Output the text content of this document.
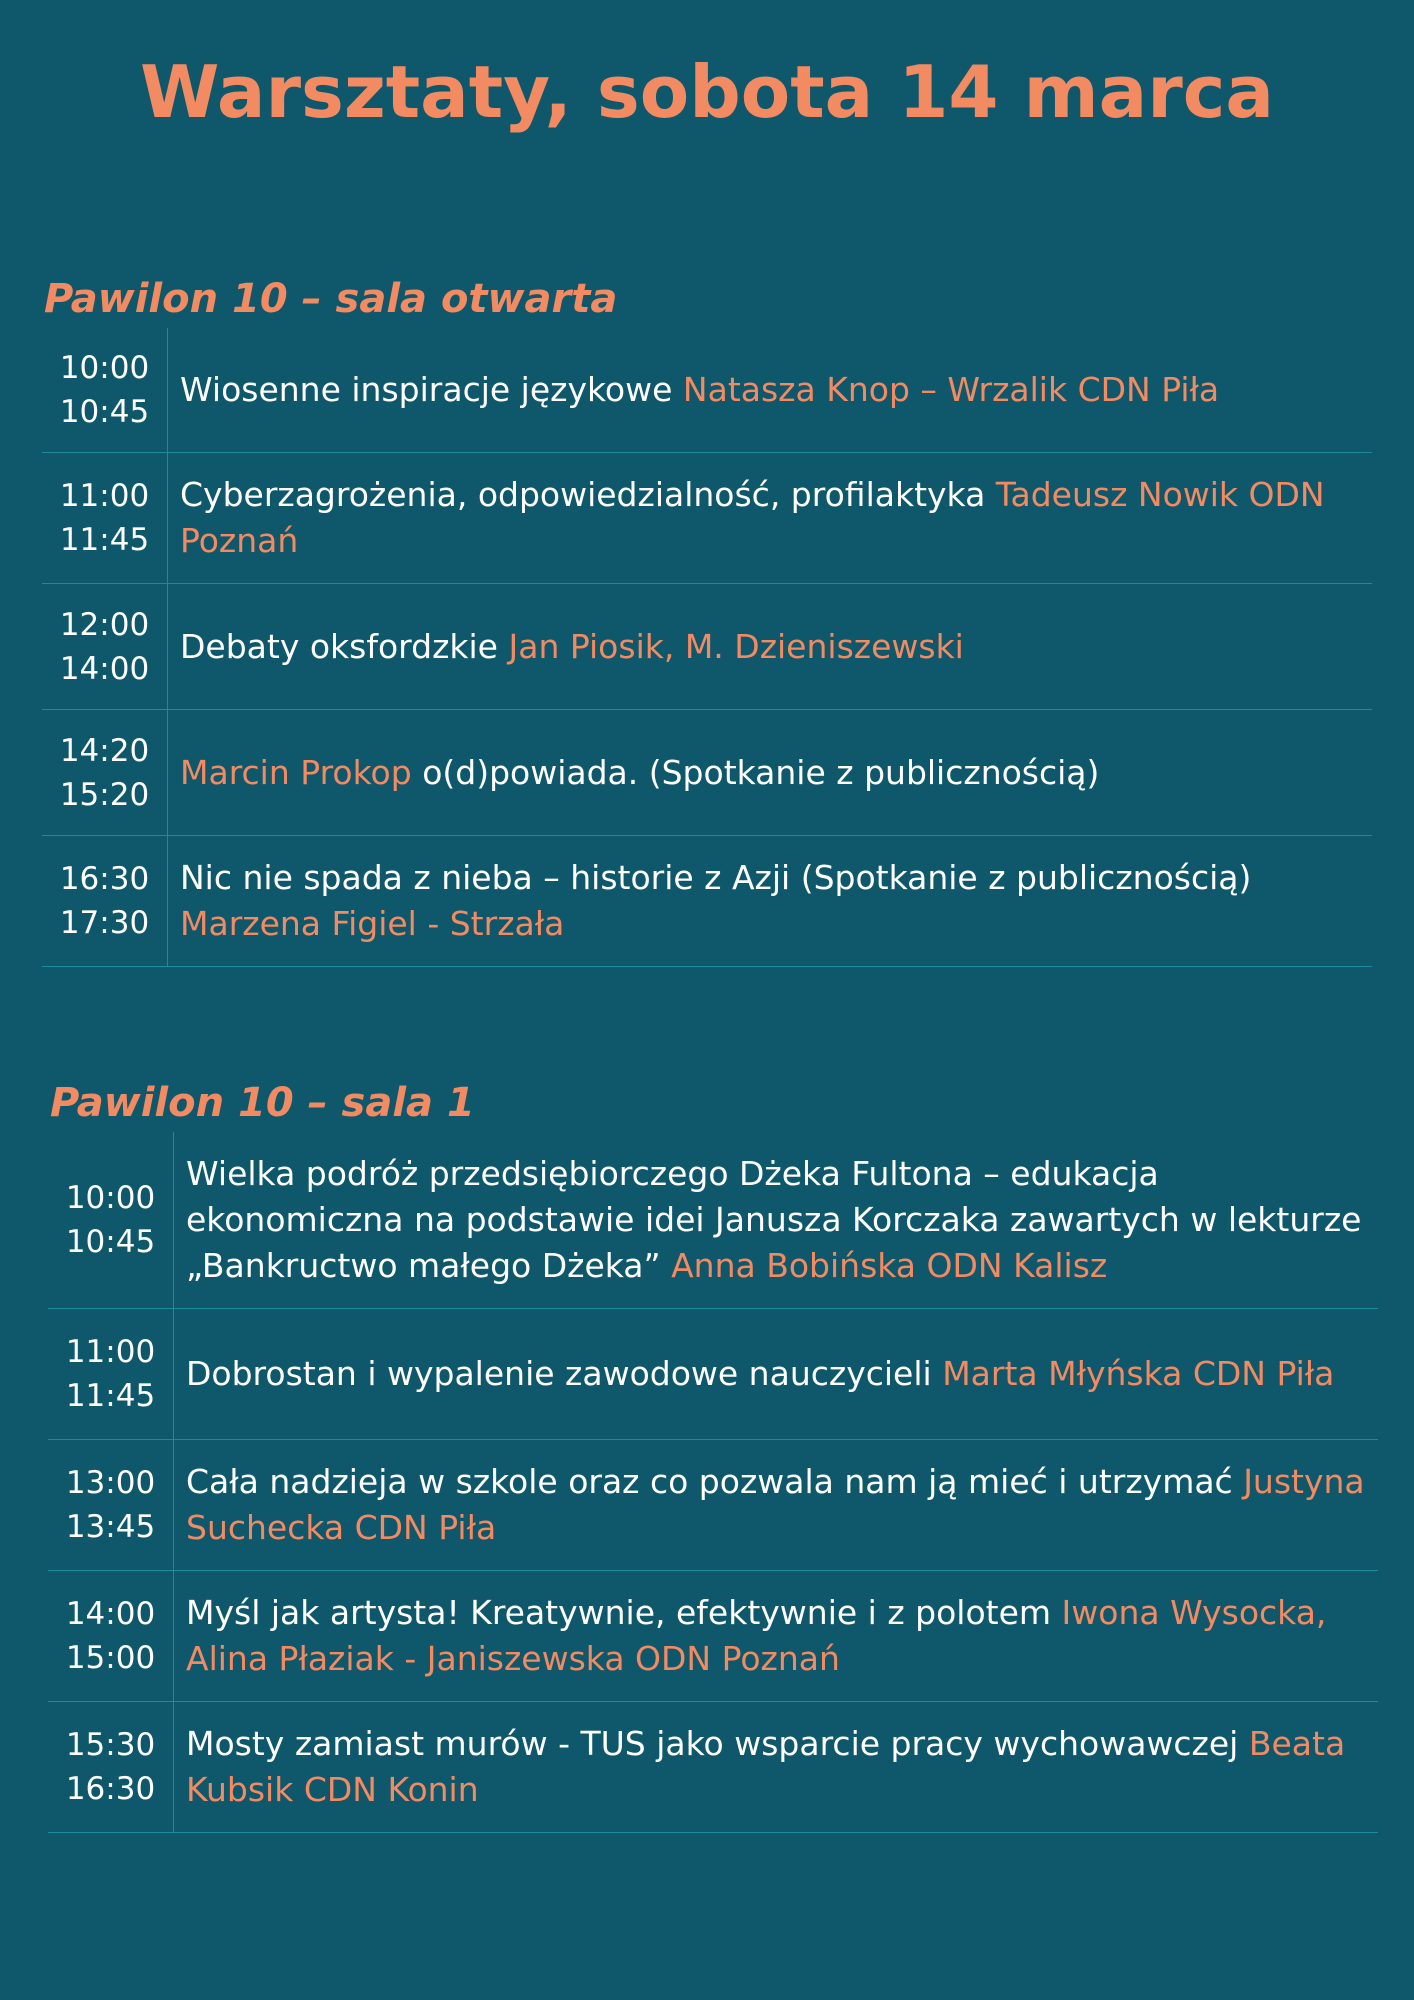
Warsztaty, sobota 14 marca
Pawilon 10 – sala otwarta
10:00
10:45

Wiosenne inspiracje językowe Natasza Knop – Wrzalik CDN Piła

11:00
11:45

Cyberzagrożenia, odpowiedzialność, profilaktyka Tadeusz Nowik ODN Poznań

12:00
14:00

Debaty oksfordzkie Jan Piosik, M. Dzieniszewski

14:20
15:20

Marcin Prokop o(d)powiada. (Spotkanie z publicznością)

16:30
17:30

Nic nie spada z nieba – historie z Azji (Spotkanie z publicznością) Marzena Figiel - Strzała

Pawilon 10 – sala 1
10:00
10:45

Wielka podróż przedsiębiorczego Dżeka Fultona – edukacja ekonomiczna na podstawie idei Janusza Korczaka zawartych w lekturze „Bankructwo małego Dżeka” Anna Bobińska ODN Kalisz

11:00
11:45

Dobrostan i wypalenie zawodowe nauczycieli Marta Młyńska CDN Piła

13:00
13:45

Cała nadzieja w szkole oraz co pozwala nam ją mieć i utrzymać Justyna Suchecka CDN Piła

14:00
15:00

Myśl jak artysta! Kreatywnie, efektywnie i z polotem Iwona Wysocka, Alina Płaziak - Janiszewska ODN Poznań

15:30
16:30

Mosty zamiast murów - TUS jako wsparcie pracy wychowawczej Beata Kubsik CDN Konin
